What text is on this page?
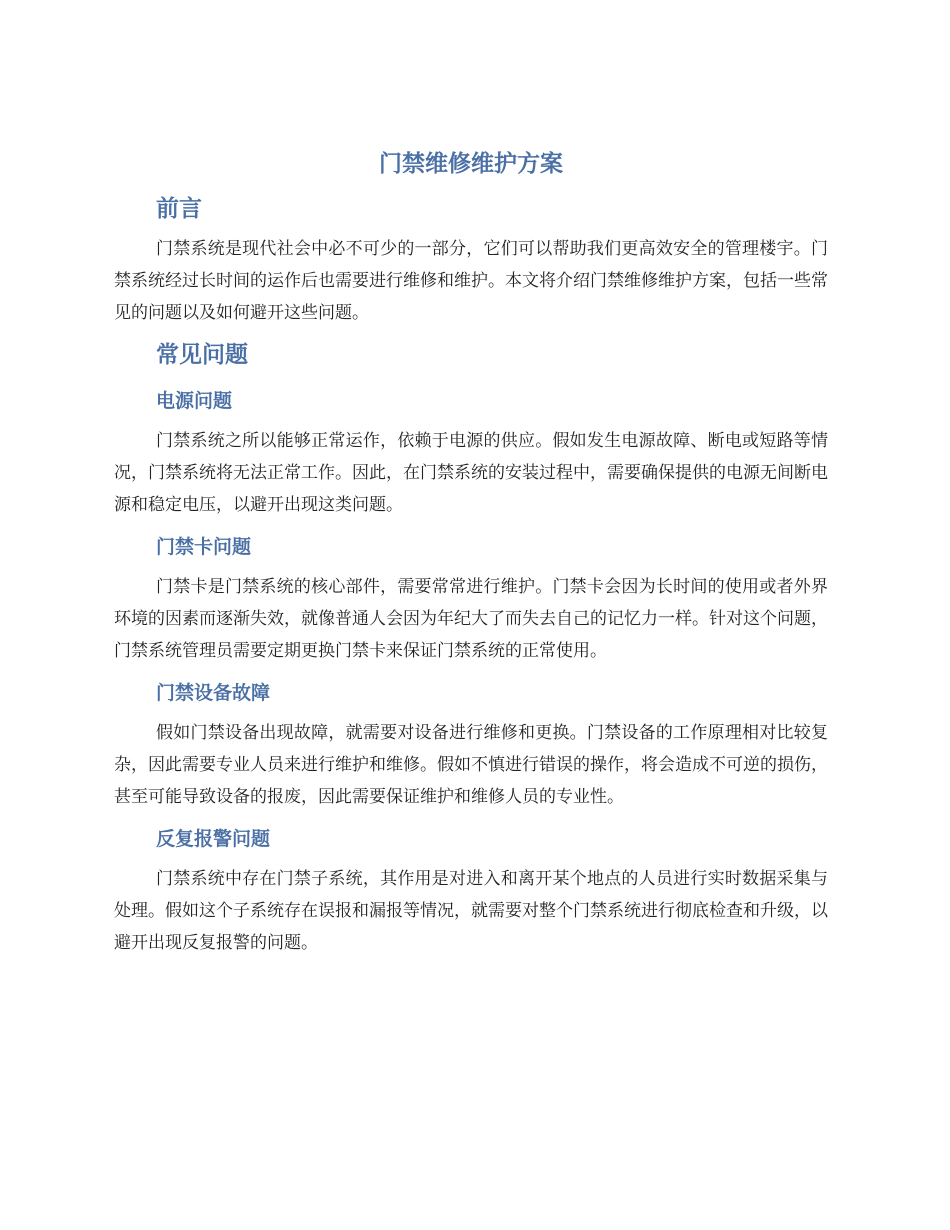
门禁维修维护方案
前言

门禁系统是现代社会中必不可少的一部分，它们可以帮助我们更高效安全的管理楼宇。门禁系统经过长时间的运作后也需要进行维修和维护。本文将介绍门禁维修维护方案，包括一些常见的问题以及如何避开这些问题。

常见问题
电源问题

门禁系统之所以能够正常运作，依赖于电源的供应。假如发生电源故障、断电或短路等情况，门禁系统将无法正常工作。因此，在门禁系统的安装过程中，需要确保提供的电源无间断电源和稳定电压，以避开出现这类问题。

门禁卡问题

门禁卡是门禁系统的核心部件，需要常常进行维护。门禁卡会因为长时间的使用或者外界环境的因素而逐渐失效，就像普通人会因为年纪大了而失去自己的记忆力一样。针对这个问题，门禁系统管理员需要定期更换门禁卡来保证门禁系统的正常使用。

门禁设备故障

假如门禁设备出现故障，就需要对设备进行维修和更换。门禁设备的工作原理相对比较复杂，因此需要专业人员来进行维护和维修。假如不慎进行错误的操作，将会造成不可逆的损伤，甚至可能导致设备的报废，因此需要保证维护和维修人员的专业性。

反复报警问题

门禁系统中存在门禁子系统，其作用是对进入和离开某个地点的人员进行实时数据采集与处理。假如这个子系统存在误报和漏报等情况，就需要对整个门禁系统进行彻底检查和升级，以避开出现反复报警的问题。
